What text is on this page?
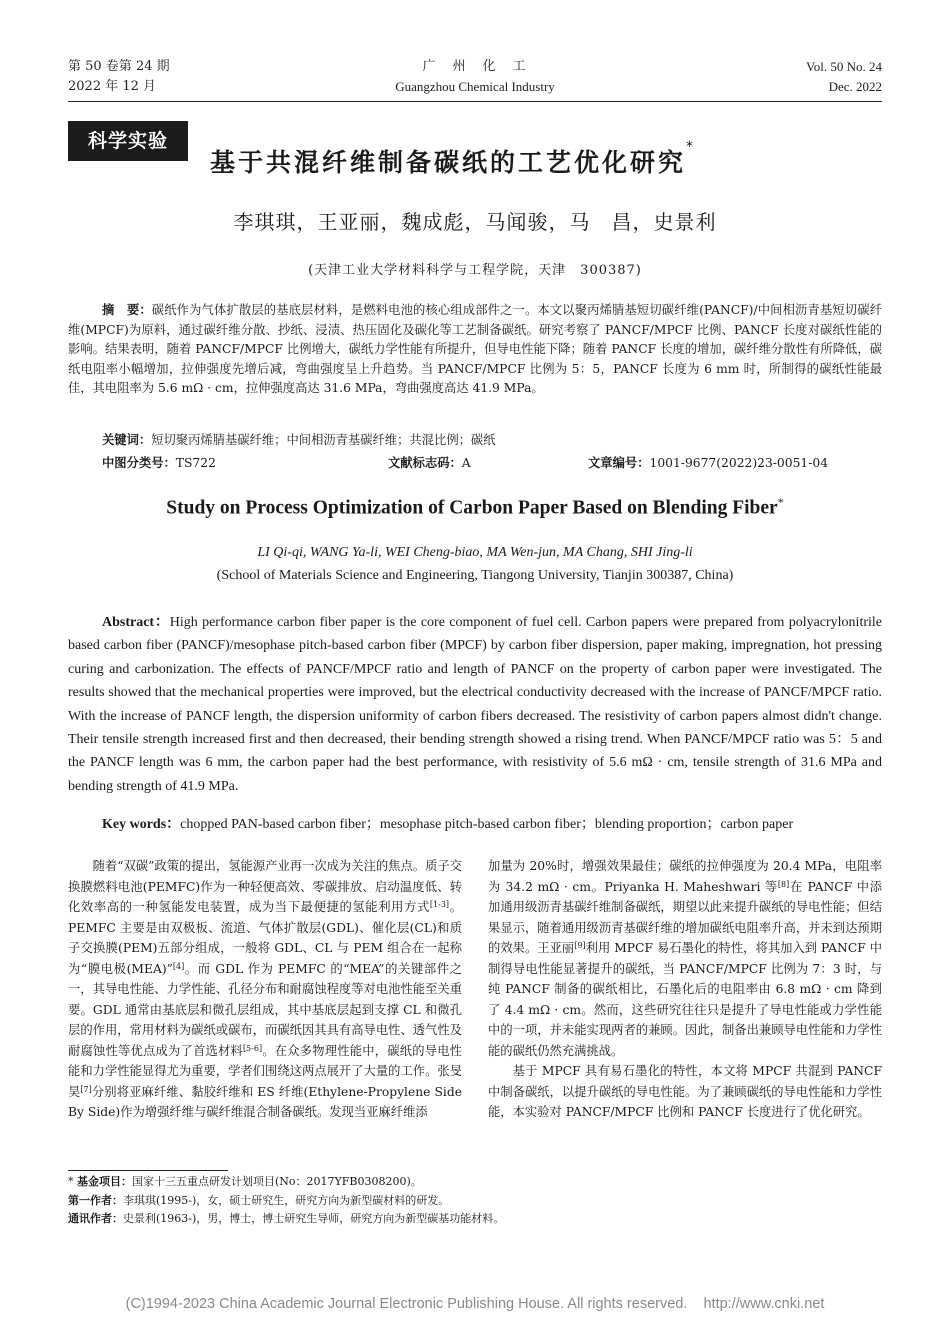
第 50 卷第 24 期
2022 年 12 月
广　州　化　工
Guangzhou Chemical Industry
Vol. 50 No. 24
Dec. 2022
科学实验
基于共混纤维制备碳纸的工艺优化研究*
李琪琪，王亚丽，魏成彪，马闻骏，马　昌，史景利
(天津工业大学材料科学与工程学院，天津　300387)
摘　要：碳纸作为气体扩散层的基底层材料，是燃料电池的核心组成部件之一。本文以聚丙烯腈基短切碳纤维(PANCF)/中间相沥青基短切碳纤维(MPCF)为原料，通过碳纤维分散、抄纸、浸渍、热压固化及碳化等工艺制备碳纸。研究考察了 PANCF/MPCF 比例、PANCF 长度对碳纸性能的影响。结果表明，随着 PANCF/MPCF 比例增大，碳纸力学性能有所提升，但导电性能下降；随着 PANCF 长度的增加，碳纤维分散性有所降低，碳纸电阻率小幅增加，拉伸强度先增后减，弯曲强度呈上升趋势。当 PANCF/MPCF 比例为 5：5，PANCF 长度为 6 mm 时，所制得的碳纸性能最佳，其电阻率为 5.6 mΩ · cm，拉伸强度高达 31.6 MPa，弯曲强度高达 41.9 MPa。
关键词：短切聚丙烯腈基碳纤维；中间相沥青基碳纤维；共混比例；碳纸
中图分类号：TS722	文献标志码：A	文章编号：1001-9677(2022)23-0051-04
Study on Process Optimization of Carbon Paper Based on Blending Fiber*
LI Qi-qi, WANG Ya-li, WEI Cheng-biao, MA Wen-jun, MA Chang, SHI Jing-li
(School of Materials Science and Engineering, Tiangong University, Tianjin 300387, China)
Abstract：High performance carbon fiber paper is the core component of fuel cell. Carbon papers were prepared from polyacrylonitrile based carbon fiber (PANCF)/mesophase pitch-based carbon fiber (MPCF) by carbon fiber dispersion, paper making, impregnation, hot pressing curing and carbonization. The effects of PANCF/MPCF ratio and length of PANCF on the property of carbon paper were investigated. The results showed that the mechanical properties were improved, but the electrical conductivity decreased with the increase of PANCF/MPCF ratio. With the increase of PANCF length, the dispersion uniformity of carbon fibers decreased. The resistivity of carbon papers almost didn't change. Their tensile strength increased first and then decreased, their bending strength showed a rising trend. When PANCF/MPCF ratio was 5：5 and the PANCF length was 6 mm, the carbon paper had the best performance, with resistivity of 5.6 mΩ · cm, tensile strength of 31.6 MPa and bending strength of 41.9 MPa.
Key words：chopped PAN-based carbon fiber；mesophase pitch-based carbon fiber；blending proportion；carbon paper

随着“双碳”政策的提出，氢能源产业再一次成为关注的焦点。质子交换膜燃料电池(PEMFC)作为一种轻便高效、零碳排放、启动温度低、转化效率高的一种氢能发电装置，成为当下最便捷的氢能利用方式[1-3]。PEMFC 主要是由双极板、流道、气体扩散层(GDL)、催化层(CL)和质子交换膜(PEM)五部分组成，一般将 GDL、CL 与 PEM 组合在一起称为“膜电极(MEA)”[4]。而 GDL 作为 PEMFC 的“MEA”的关键部件之一，其导电性能、力学性能、孔径分布和耐腐蚀程度等对电池性能至关重要。GDL 通常由基底层和微孔层组成，其中基底层起到支撑 CL 和微孔层的作用，常用材料为碳纸或碳布，而碳纸因其具有高导电性、透气性及耐腐蚀性等优点成为了首选材料[5-6]。在众多物理性能中，碳纸的导电性能和力学性能显得尤为重要，学者们围绕这两点展开了大量的工作。张旻昊[7]分别将亚麻纤维、黏胶纤维和 ES 纤维(Ethylene-Propylene Side By Side)作为增强纤维与碳纤维混合制备碳纸。发现当亚麻纤维添

加量为 20%时，增强效果最佳；碳纸的拉伸强度为 20.4 MPa，电阻率为 34.2 mΩ · cm。Priyanka H. Maheshwari 等[8]在 PANCF 中添加通用级沥青基碳纤维制备碳纸，期望以此来提升碳纸的导电性能；但结果显示，随着通用级沥青基碳纤维的增加碳纸电阻率升高，并未到达预期的效果。王亚丽[9]利用 MPCF 易石墨化的特性，将其加入到 PANCF 中制得导电性能显著提升的碳纸，当 PANCF/MPCF 比例为 7：3 时，与纯 PANCF 制备的碳纸相比，石墨化后的电阻率由 6.8 mΩ · cm 降到了 4.4 mΩ · cm。然而，这些研究往往只是提升了导电性能或力学性能中的一项，并未能实现两者的兼顾。因此，制备出兼顾导电性能和力学性能的碳纸仍然充满挑战。

基于 MPCF 具有易石墨化的特性，本文将 MPCF 共混到 PANCF 中制备碳纸，以提升碳纸的导电性能。为了兼顾碳纸的导电性能和力学性能，本实验对 PANCF/MPCF 比例和 PANCF 长度进行了优化研究。

* 基金项目：国家十三五重点研发计划项目(No：2017YFB0308200)。
第一作者：李琪琪(1995-)，女，硕士研究生，研究方向为新型碳材料的研发。
通讯作者：史景利(1963-)，男，博士，博士研究生导师，研究方向为新型碳基功能材料。
(C)1994-2023 China Academic Journal Electronic Publishing House. All rights reserved.    http://www.cnki.net
